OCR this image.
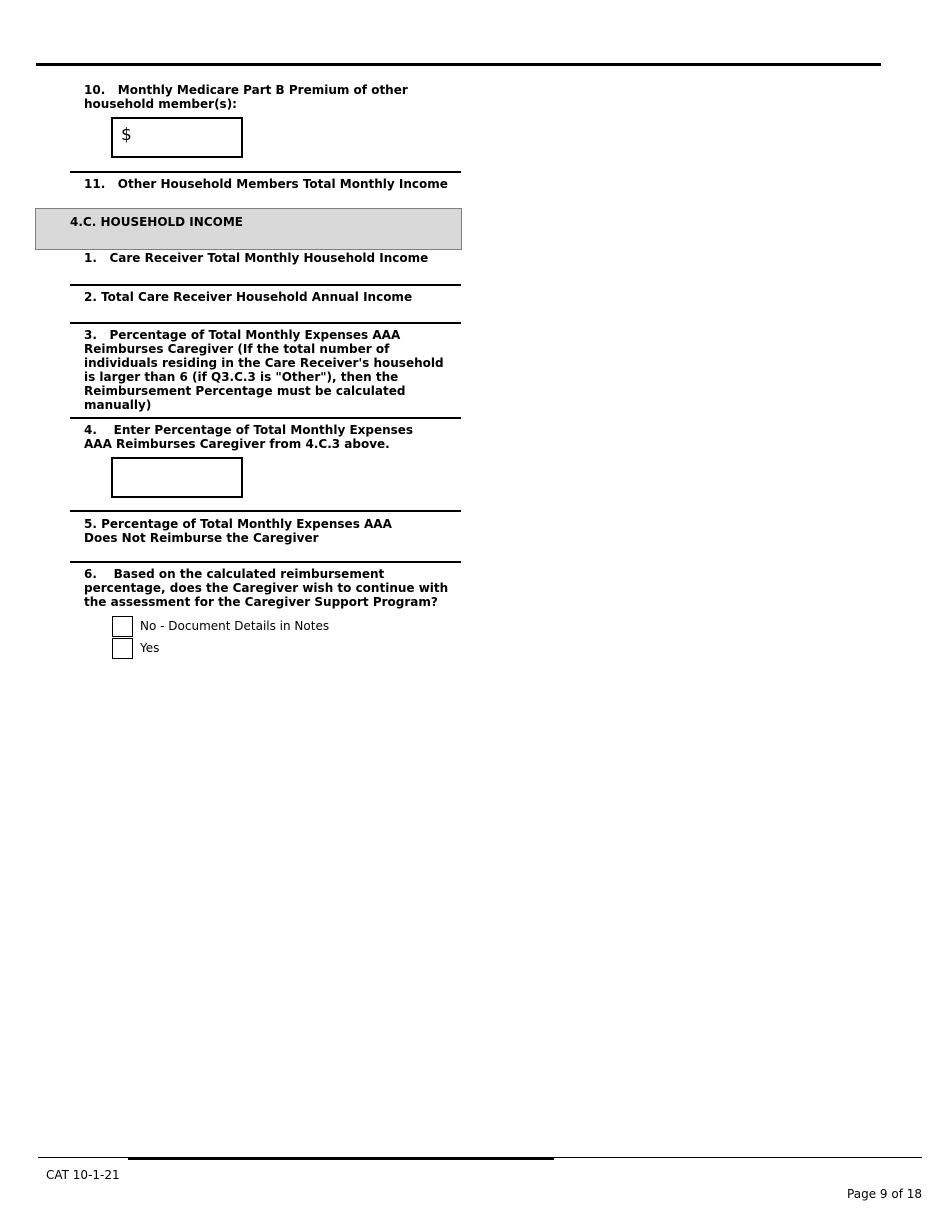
10.   Monthly Medicare Part B Premium of other household member(s):
$
11.   Other Household Members Total Monthly Income
4.C. HOUSEHOLD INCOME
1.   Care Receiver Total Monthly Household Income
2. Total Care Receiver Household Annual Income
3.   Percentage of Total Monthly Expenses AAA Reimburses Caregiver (If the total number of individuals residing in the Care Receiver's household is larger than 6 (if Q3.C.3 is "Other"), then the Reimbursement Percentage must be calculated manually)
4.    Enter Percentage of Total Monthly Expenses AAA Reimburses Caregiver from 4.C.3 above.
5. Percentage of Total Monthly Expenses AAA Does Not Reimburse the Caregiver
6.    Based on the calculated reimbursement percentage, does the Caregiver wish to continue with the assessment for the Caregiver Support Program?
No - Document Details in Notes
Yes
CAT 10-1-21
Page 9 of 18
